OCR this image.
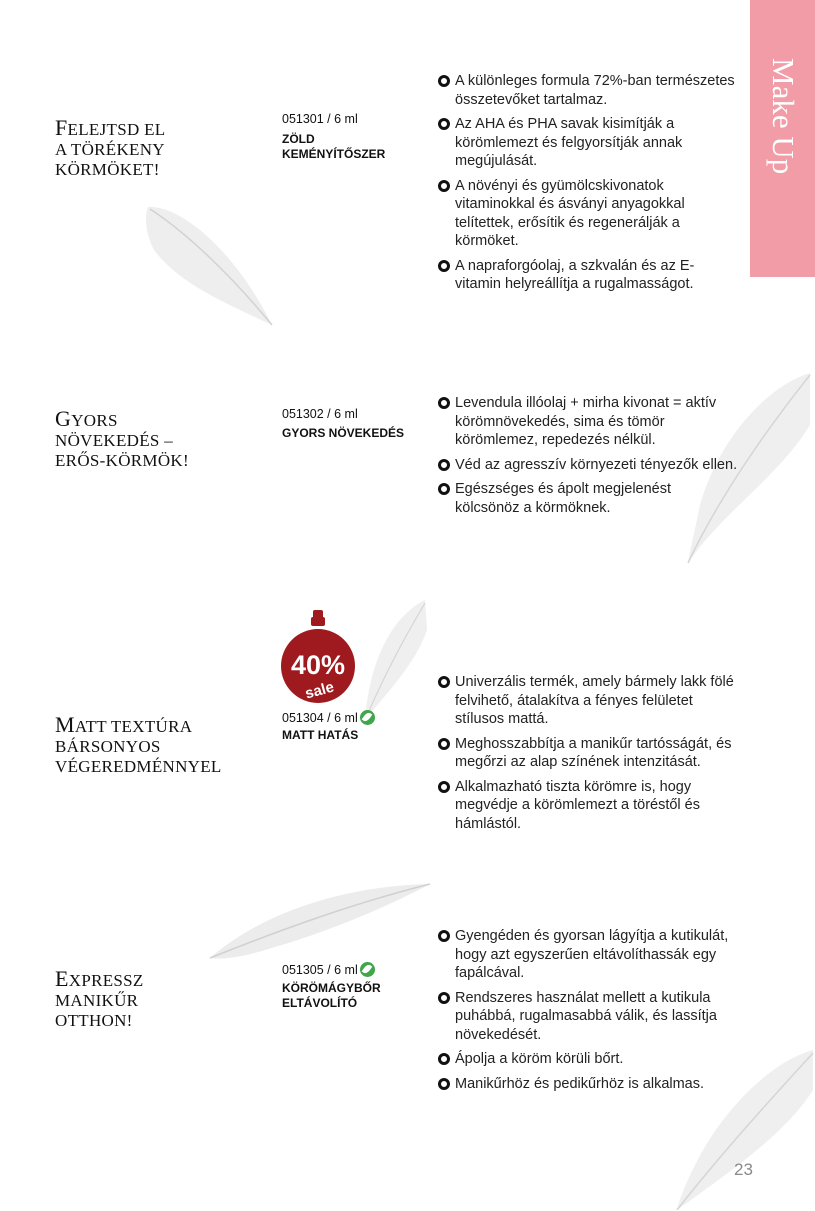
Make Up
FELEJTSD EL
A TÖRÉKENY
KÖRMÖKET!
051301 / 6 ml
ZÖLD KEMÉNYÍTŐSZER
A különleges formula 72%-ban természetes összetevőket tartalmaz.
Az AHA és PHA savak kisimítják a körömlemezt és felgyorsítják annak megújulását.
A növényi és gyümölcskivonatok vitaminokkal és ásványi anyagokkal telítettek, erősítik és regenerálják a körmöket.
A napraforgóolaj, a szkvalán és az E-vitamin helyreállítja a rugalmasságot.
GYORS
NÖVEKEDÉS –
ERŐS-KÖRMÖK!
051302 / 6 ml
GYORS NÖVEKEDÉS
Levendula illóolaj + mirha kivonat = aktív körömnövekedés, sima és tömör körömlemez, repedezés nélkül.
Véd az agresszív környezeti tényezők ellen.
Egészséges és ápolt megjelenést kölcsönöz a körmöknek.
40%
sale
MATT TEXTÚRA
BÁRSONYOS
VÉGEREDMÉNNYEL
051304 / 6 ml
MATT HATÁS
Univerzális termék, amely bármely lakk fölé felvihető, átalakítva a fényes felületet stílusos mattá.
Meghosszabbítja a manikűr tartósságát, és megőrzi az alap színének intenzitását.
Alkalmazható tiszta körömre is, hogy megvédje a körömlemezt a töréstől és hámlástól.
EXPRESSZ
MANIKŰR
OTTHON!
051305 / 6 ml
KÖRÖMÁGYBŐR ELTÁVOLÍTÓ
Gyengéden és gyorsan lágyítja a kutikulát, hogy azt egyszerűen eltávolíthassák egy fapálcával.
Rendszeres használat mellett a kutikula puhábbá, rugalmasabbá válik, és lassítja növekedését.
Ápolja a köröm körüli bőrt.
Manikűrhöz és pedikűrhöz is alkalmas.
23
